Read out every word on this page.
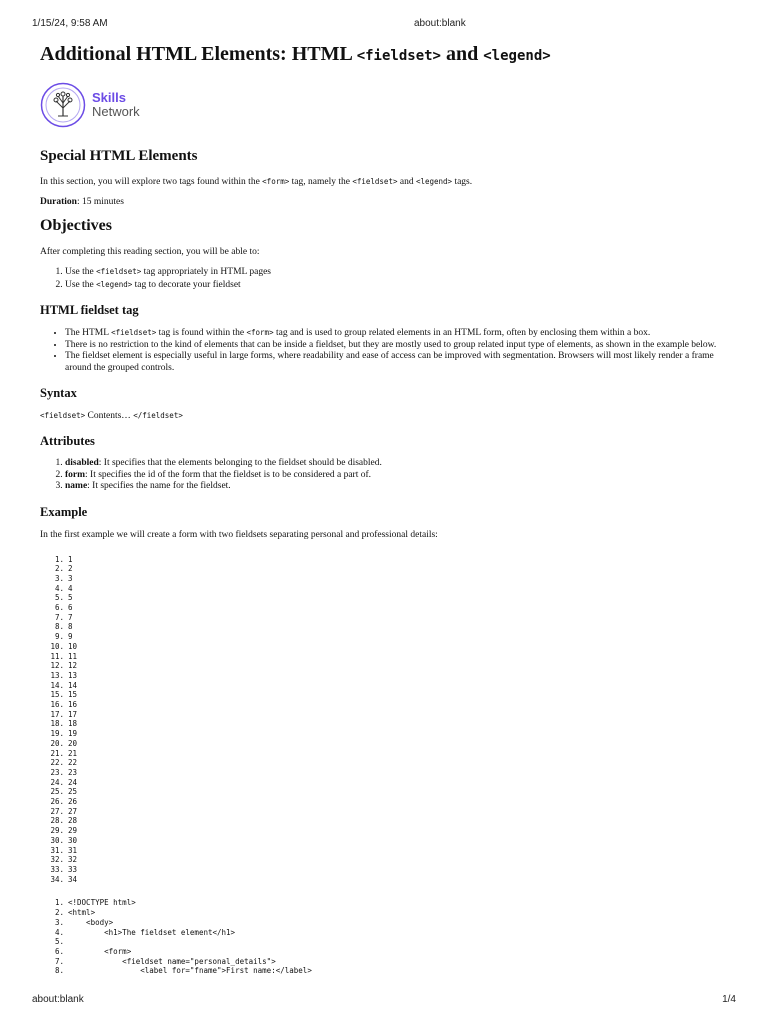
1/15/24, 9:58 AM	about:blank
Additional HTML Elements: HTML <fieldset> and <legend>
Skills
Network
Special HTML Elements

In this section, you will explore two tags found within the <form> tag, namely the <fieldset> and <legend> tags.

Duration: 15 minutes

Objectives

After completing this reading section, you will be able to:

1. Use the <fieldset> tag appropriately in HTML pages
2. Use the <legend> tag to decorate your fieldset
HTML fieldset tag
• The HTML <fieldset> tag is found within the <form> tag and is used to group related elements in an HTML form, often by enclosing them within a box.
• There is no restriction to the kind of elements that can be inside a fieldset, but they are mostly used to group related input type of elements, as shown in the example below.
• The fieldset element is especially useful in large forms, where readability and ease of access can be improved with segmentation. Browsers will most likely render a frame around the grouped controls.
Syntax

<fieldset> Contents… </fieldset>

Attributes
1. disabled: It specifies that the elements belonging to the fieldset should be disabled.
2. form: It specifies the id of the form that the fieldset is to be considered a part of.
3. name: It specifies the name for the fieldset.
Example

In the first example we will create a form with two fieldsets separating personal and professional details:

1. 1
2. 2
3. 3
4. 4
5. 5
6. 6
7. 7
8. 8
9. 9
10. 10
11. 11
12. 12
13. 13
14. 14
15. 15
16. 16
17. 17
18. 18
19. 19
20. 20
21. 21
22. 22
23. 23
24. 24
25. 25
26. 26
27. 27
28. 28
29. 29
30. 30
31. 31
32. 32
33. 33
34. 34
1. <!DOCTYPE html>
2. <html>
3. <body>
4. <h1>The fieldset element</h1>
5.
6. <form>
7. <fieldset name="personal_details">
8. <label for="fname">First name:</label>
about:blank	1/4
